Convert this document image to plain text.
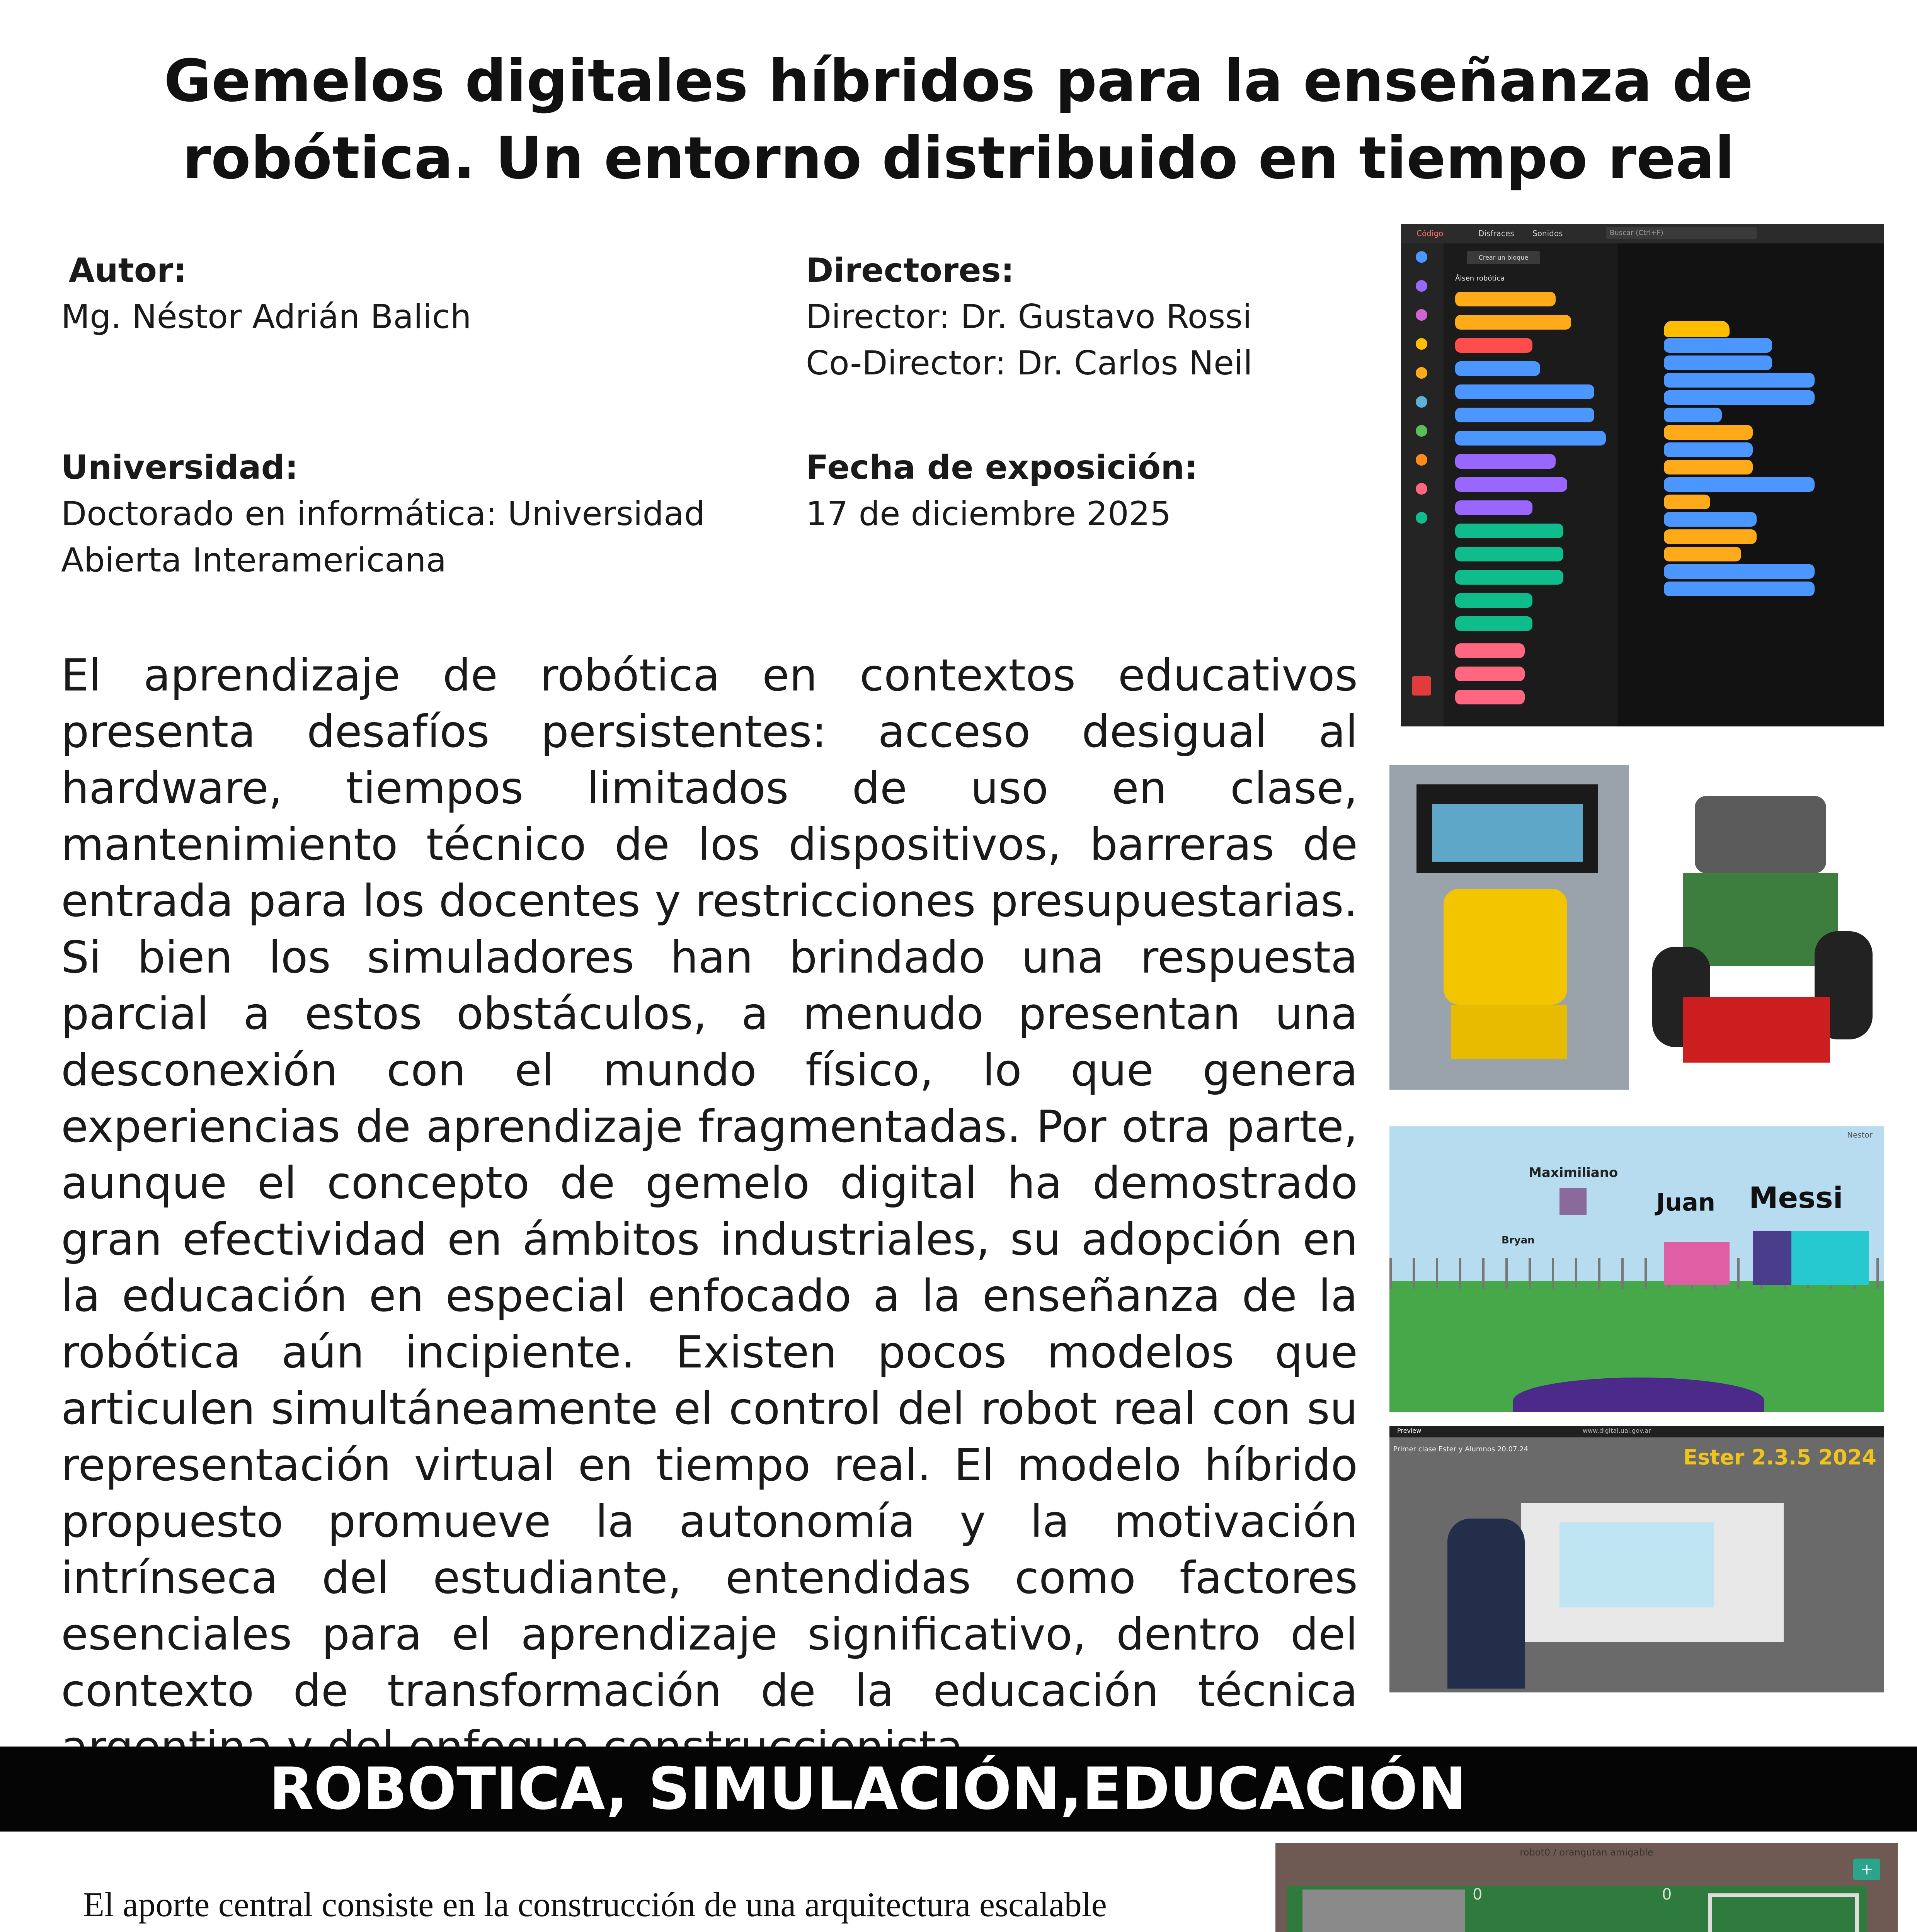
Gemelos digitales híbridos para la enseñanza de
robótica. Un entorno distribuido en tiempo real
Autor:
Mg. Néstor Adrián Balich
Directores:
Director: Dr. Gustavo Rossi
Co-Director: Dr. Carlos Neil
Universidad:
Doctorado en informática: Universidad
Abierta Interamericana
Fecha de exposición:
17 de diciembre 2025
El aprendizaje de robótica en contextos educativos presenta desafíos persistentes: acceso desigual al hardware, tiempos limitados de uso en clase, mantenimiento técnico de los dispositivos, barreras de entrada para los docentes y restricciones presupuestarias. Si bien los simuladores han brindado una respuesta parcial a estos obstáculos, a menudo presentan una desconexión con el mundo físico, lo que genera experiencias de aprendizaje fragmentadas. Por otra parte, aunque el concepto de gemelo digital ha demostrado gran efectividad en ámbitos industriales, su adopción en la educación en especial enfocado a la enseñanza de la robótica aún incipiente. Existen pocos modelos que articulen simultáneamente el control del robot real con su representación virtual en tiempo real. El modelo híbrido propuesto promueve la autonomía y la motivación intrínseca del estudiante, entendidas como factores esenciales para el aprendizaje significativo, dentro del contexto de transformación de la educación técnica
Código	Disfraces Sonidos	Buscar (Ctrl+F)
Crear un bloque
Ålsen robótica
Nestor
Maximiliano
Juan Messi
Bryan
Preview	www.digital.uai.gov.ar
Primer clase Ester y Alumnos 20.07.24	Ester 2.3.5 2024
ROBOTICA, SIMULACIÓN,EDUCACIÓN
El aporte central consiste en la construcción de una arquitectura escalable
robot0 / orangutan amigable
+
0
0
